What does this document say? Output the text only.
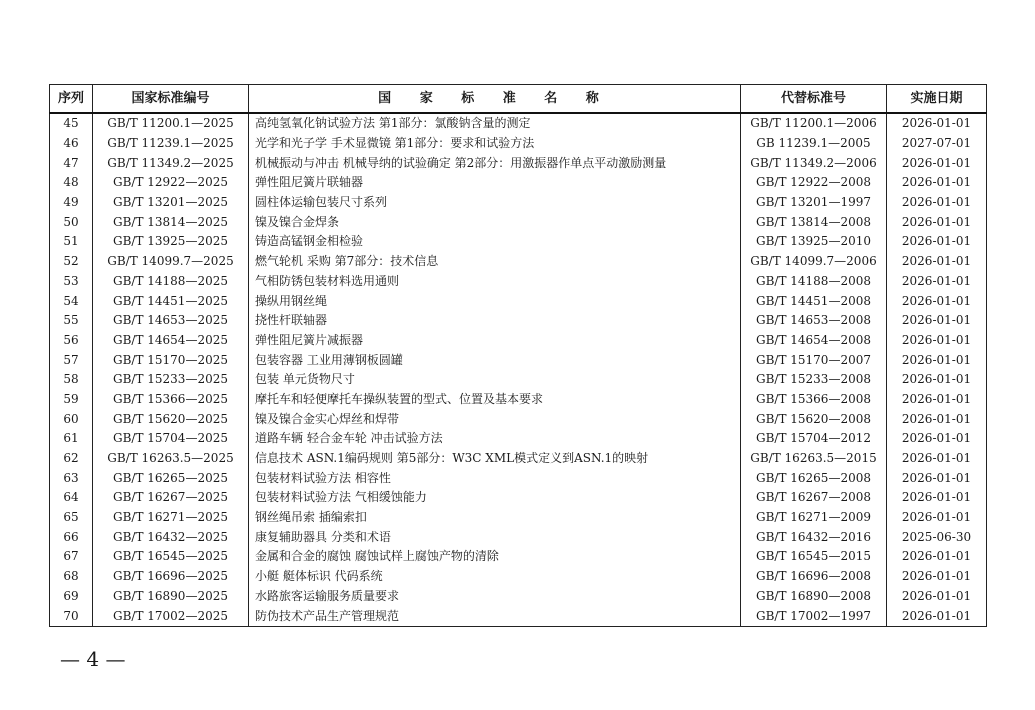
序列	国家标准编号	国 家 标 准 名 称	代替标准号	实施日期
45	GB/T 11200.1—2025	高纯氢氧化钠试验方法 第1部分：氯酸钠含量的测定	GB/T 11200.1—2006	2026-01-01
46	GB/T 11239.1—2025	光学和光子学 手术显微镜 第1部分：要求和试验方法	GB 11239.1—2005	2027-07-01
47	GB/T 11349.2—2025	机械振动与冲击 机械导纳的试验确定 第2部分：用激振器作单点平动激励测量	GB/T 11349.2—2006	2026-01-01
48	GB/T 12922—2025	弹性阻尼簧片联轴器	GB/T 12922—2008	2026-01-01
49	GB/T 13201—2025	圆柱体运输包装尺寸系列	GB/T 13201—1997	2026-01-01
50	GB/T 13814—2025	镍及镍合金焊条	GB/T 13814—2008	2026-01-01
51	GB/T 13925—2025	铸造高锰钢金相检验	GB/T 13925—2010	2026-01-01
52	GB/T 14099.7—2025	燃气轮机 采购 第7部分：技术信息	GB/T 14099.7—2006	2026-01-01
53	GB/T 14188—2025	气相防锈包装材料选用通则	GB/T 14188—2008	2026-01-01
54	GB/T 14451—2025	操纵用钢丝绳	GB/T 14451—2008	2026-01-01
55	GB/T 14653—2025	挠性杆联轴器	GB/T 14653—2008	2026-01-01
56	GB/T 14654—2025	弹性阻尼簧片减振器	GB/T 14654—2008	2026-01-01
57	GB/T 15170—2025	包装容器 工业用薄钢板圆罐	GB/T 15170—2007	2026-01-01
58	GB/T 15233—2025	包装 单元货物尺寸	GB/T 15233—2008	2026-01-01
59	GB/T 15366—2025	摩托车和轻便摩托车操纵装置的型式、位置及基本要求	GB/T 15366—2008	2026-01-01
60	GB/T 15620—2025	镍及镍合金实心焊丝和焊带	GB/T 15620—2008	2026-01-01
61	GB/T 15704—2025	道路车辆 轻合金车轮 冲击试验方法	GB/T 15704—2012	2026-01-01
62	GB/T 16263.5—2025	信息技术 ASN.1编码规则 第5部分：W3C XML模式定义到ASN.1的映射	GB/T 16263.5—2015	2026-01-01
63	GB/T 16265—2025	包装材料试验方法 相容性	GB/T 16265—2008	2026-01-01
64	GB/T 16267—2025	包装材料试验方法 气相缓蚀能力	GB/T 16267—2008	2026-01-01
65	GB/T 16271—2025	钢丝绳吊索 插编索扣	GB/T 16271—2009	2026-01-01
66	GB/T 16432—2025	康复辅助器具 分类和术语	GB/T 16432—2016	2025-06-30
67	GB/T 16545—2025	金属和合金的腐蚀 腐蚀试样上腐蚀产物的清除	GB/T 16545—2015	2026-01-01
68	GB/T 16696—2025	小艇 艇体标识 代码系统	GB/T 16696—2008	2026-01-01
69	GB/T 16890—2025	水路旅客运输服务质量要求	GB/T 16890—2008	2026-01-01
70	GB/T 17002—2025	防伪技术产品生产管理规范	GB/T 17002—1997	2026-01-01
— 4 —
